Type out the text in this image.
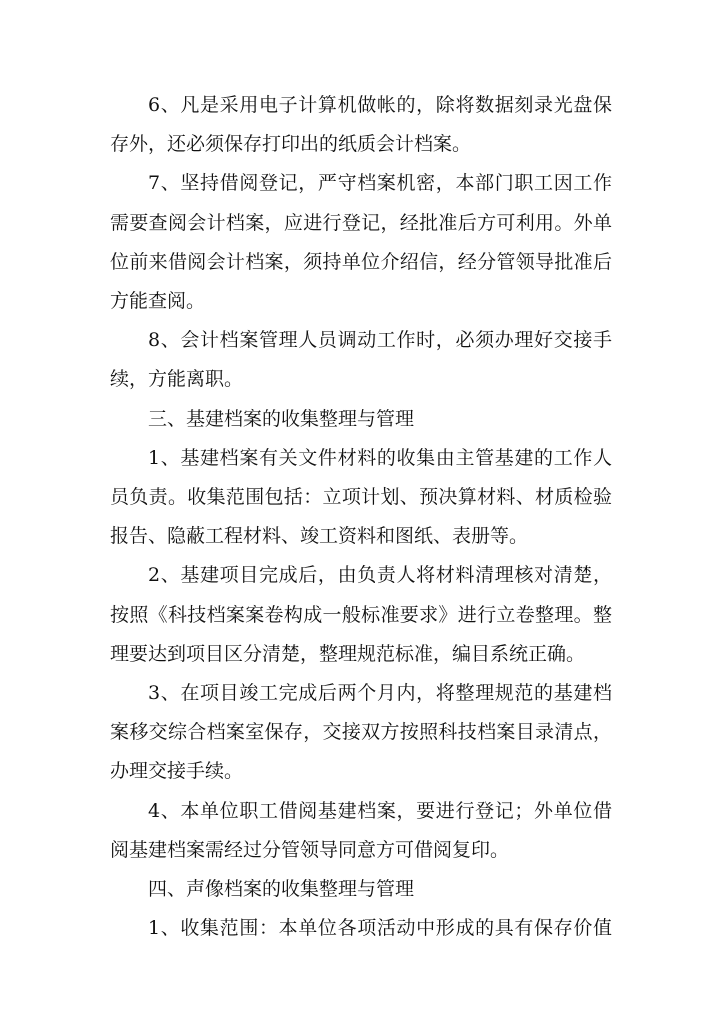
6、凡是采用电子计算机做帐的，除将数据刻录光盘保
存外，还必须保存打印出的纸质会计档案。
7、坚持借阅登记，严守档案机密，本部门职工因工作
需要查阅会计档案，应进行登记，经批准后方可利用。外单
位前来借阅会计档案，须持单位介绍信，经分管领导批准后
方能查阅。
8、会计档案管理人员调动工作时，必须办理好交接手
续，方能离职。
三、基建档案的收集整理与管理
1、基建档案有关文件材料的收集由主管基建的工作人
员负责。收集范围包括：立项计划、预决算材料、材质检验
报告、隐蔽工程材料、竣工资料和图纸、表册等。
2、基建项目完成后，由负责人将材料清理核对清楚，
按照《科技档案案卷构成一般标准要求》进行立卷整理。整
理要达到项目区分清楚，整理规范标准，编目系统正确。
3、在项目竣工完成后两个月内，将整理规范的基建档
案移交综合档案室保存，交接双方按照科技档案目录清点，
办理交接手续。
4、本单位职工借阅基建档案，要进行登记；外单位借
阅基建档案需经过分管领导同意方可借阅复印。
四、声像档案的收集整理与管理
1、收集范围：本单位各项活动中形成的具有保存价值
